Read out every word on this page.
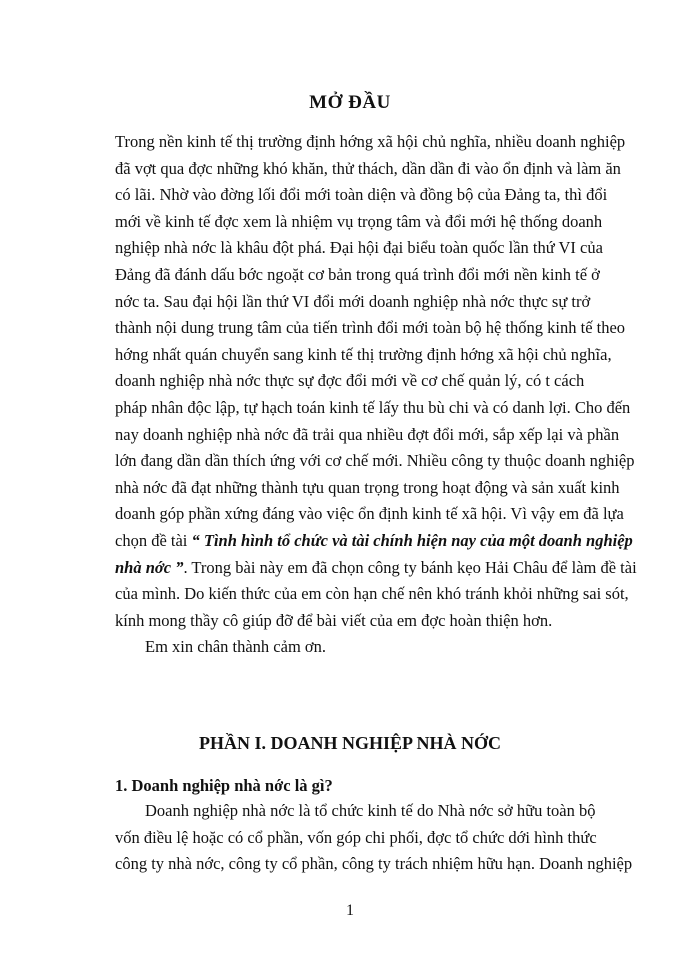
MỞ ĐẦU
Trong nền kinh tế thị trường định hớng xã hội chủ nghĩa, nhiều doanh nghiệp
đã vợt qua đợc những khó khăn, thử thách, dần dần đi vào ổn định và làm ăn
có lãi. Nhờ vào đờng lối đổi mới toàn diện và đồng bộ của Đảng ta, thì đổi
mới về kinh tế đợc xem là nhiệm vụ trọng tâm và đổi mới hệ thống doanh
nghiệp nhà nớc là khâu đột phá. Đại hội đại biểu toàn quốc lần thứ VI của
Đảng đã đánh dấu bớc ngoặt cơ bản trong quá trình đổi mới nền kinh tế ở
nớc ta. Sau đại hội lần thứ VI đổi mới doanh nghiệp nhà nớc thực sự trở
thành nội dung trung tâm của tiến trình đổi mới toàn bộ hệ thống kinh tế theo
hớng nhất quán chuyển sang kinh tế thị trường định hớng xã hội chủ nghĩa,
doanh nghiệp nhà nớc thực sự đợc đổi mới về cơ chế quản lý, có t cách
pháp nhân độc lập, tự hạch toán kinh tế lấy thu bù chi và có danh lợi. Cho đến
nay doanh nghiệp nhà nớc đã trải qua nhiều đợt đổi mới, sắp xếp lại và phần
lớn đang dần dần thích ứng với cơ chế mới. Nhiều công ty thuộc doanh nghiệp
nhà nớc đã đạt những thành tựu quan trọng trong hoạt động và sản xuất kinh
doanh góp phần xứng đáng vào việc ổn định kinh tế xã hội. Vì vậy em đã lựa
chọn đề tài “ Tình hình tổ chức và tài chính hiện nay của một doanh nghiệp
nhà nớc ”. Trong bài này em đã chọn công ty bánh kẹo Hải Châu để làm đề tài
của mình. Do kiến thức của em còn hạn chế nên khó tránh khỏi những sai sót,
kính mong thầy cô giúp đỡ để bài viết của em đợc hoàn thiện hơn.
Em xin chân thành cảm ơn.
PHẦN I. DOANH NGHIỆP NHÀ NỚC
1. Doanh nghiệp nhà nớc là gì?
Doanh nghiệp nhà nớc là tổ chức kinh tế do Nhà nớc sở hữu toàn bộ
vốn điều lệ hoặc có cổ phần, vốn góp chi phối, đợc tổ chức dới hình thức
công ty nhà nớc, công ty cổ phần, công ty trách nhiệm hữu hạn. Doanh nghiệp
1
